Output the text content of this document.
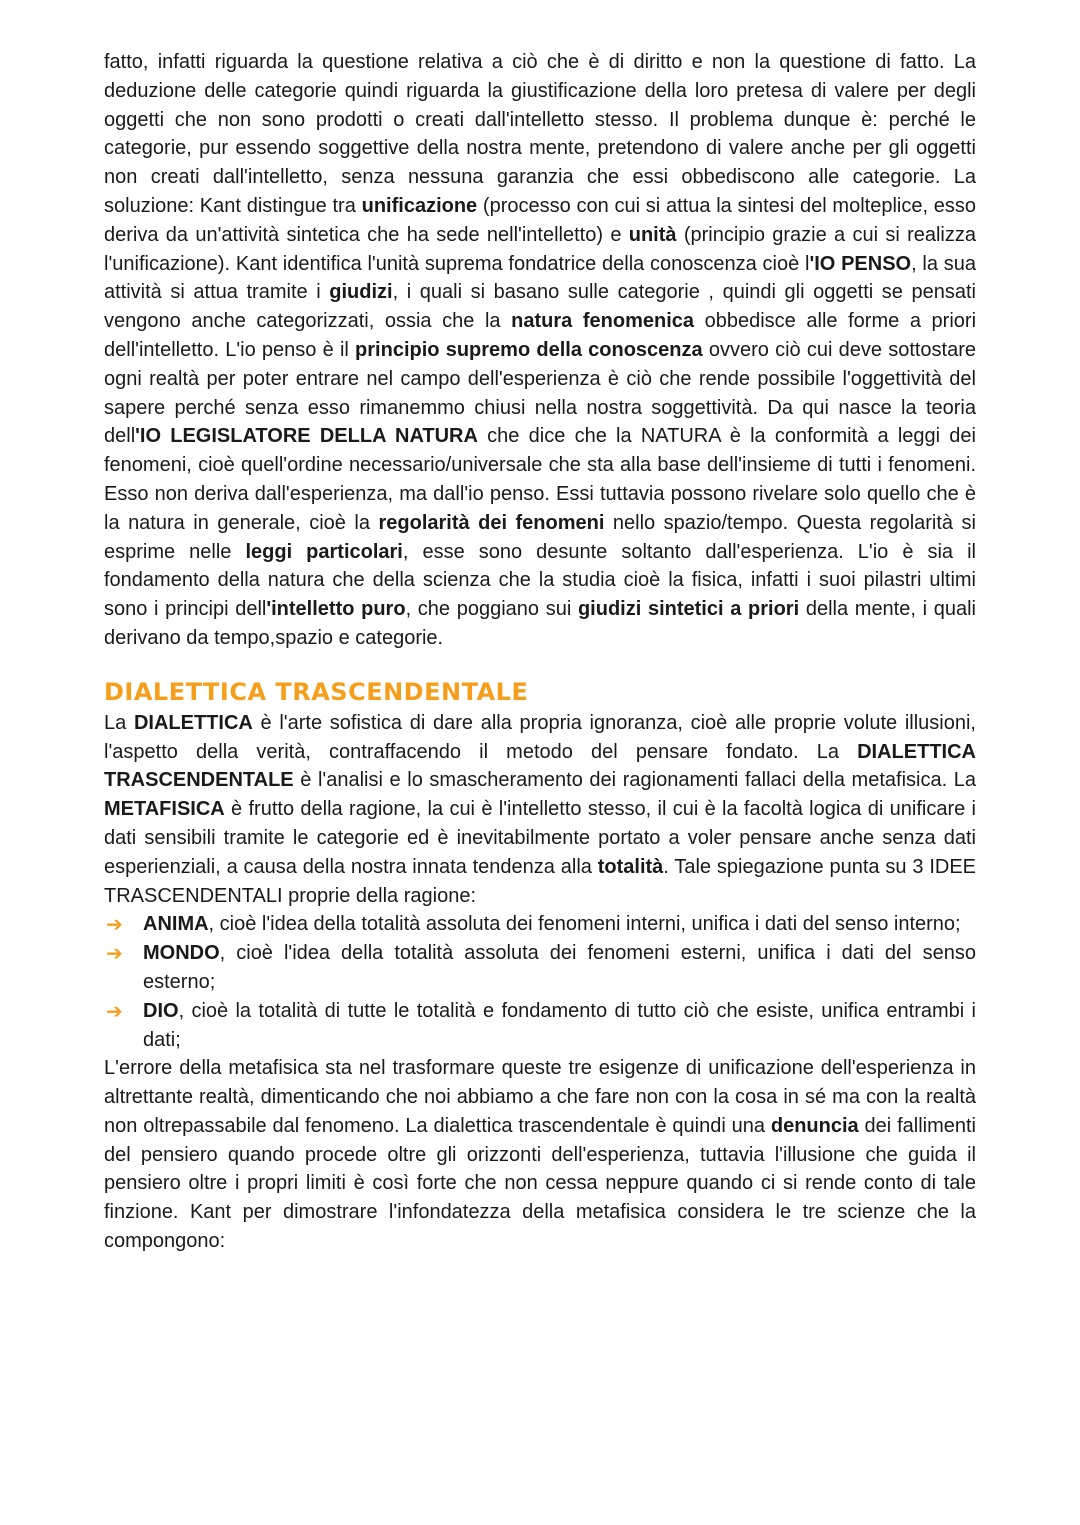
fatto, infatti riguarda la questione relativa a ciò che è di diritto e non la questione di fatto. La deduzione delle categorie quindi riguarda la giustificazione della loro pretesa di valere per degli oggetti che non sono prodotti o creati dall'intelletto stesso. Il problema dunque è: perché le categorie, pur essendo soggettive della nostra mente, pretendono di valere anche per gli oggetti non creati dall'intelletto, senza nessuna garanzia che essi obbediscono alle categorie. La soluzione: Kant distingue tra unificazione (processo con cui si attua la sintesi del molteplice, esso deriva da un'attività sintetica che ha sede nell'intelletto) e unità (principio grazie a cui si realizza l'unificazione). Kant identifica l'unità suprema fondatrice della conoscenza cioè l'IO PENSO, la sua attività si attua tramite i giudizi, i quali si basano sulle categorie , quindi gli oggetti se pensati vengono anche categorizzati, ossia che la natura fenomenica obbedisce alle forme a priori dell'intelletto. L'io penso è il principio supremo della conoscenza ovvero ciò cui deve sottostare ogni realtà per poter entrare nel campo dell'esperienza è ciò che rende possibile l'oggettività del sapere perché senza esso rimanemmo chiusi nella nostra soggettività. Da qui nasce la teoria dell'IO LEGISLATORE DELLA NATURA che dice che la NATURA è la conformità a leggi dei fenomeni, cioè quell'ordine necessario/universale che sta alla base dell'insieme di tutti i fenomeni. Esso non deriva dall'esperienza, ma dall'io penso. Essi tuttavia possono rivelare solo quello che è la natura in generale, cioè la regolarità dei fenomeni nello spazio/tempo. Questa regolarità si esprime nelle leggi particolari, esse sono desunte soltanto dall'esperienza. L'io è sia il fondamento della natura che della scienza che la studia cioè la fisica, infatti i suoi pilastri ultimi sono i principi dell'intelletto puro, che poggiano sui giudizi sintetici a priori della mente, i quali derivano da tempo,spazio e categorie.

DIALETTICA TRASCENDENTALE

La DIALETTICA è l'arte sofistica di dare alla propria ignoranza, cioè alle proprie volute illusioni, l'aspetto della verità, contraffacendo il metodo del pensare fondato. La DIALETTICA TRASCENDENTALE è l'analisi e lo smascheramento dei ragionamenti fallaci della metafisica. La METAFISICA è frutto della ragione, la cui è l'intelletto stesso, il cui è la facoltà logica di unificare i dati sensibili tramite le categorie ed è inevitabilmente portato a voler pensare anche senza dati esperienziali, a causa della nostra innata tendenza alla totalità. Tale spiegazione punta su 3 IDEE TRASCENDENTALI proprie della ragione:

➔	ANIMA, cioè l'idea della totalità assoluta dei fenomeni interni, unifica i dati del senso interno;
➔	MONDO, cioè l'idea della totalità assoluta dei fenomeni esterni, unifica i dati del senso esterno;
➔	DIO, cioè la totalità di tutte le totalità e fondamento di tutto ciò che esiste, unifica entrambi i dati;

L'errore della metafisica sta nel trasformare queste tre esigenze di unificazione dell'esperienza in altrettante realtà, dimenticando che noi abbiamo a che fare non con la cosa in sé ma con la realtà non oltrepassabile dal fenomeno. La dialettica trascendentale è quindi una denuncia dei fallimenti del pensiero quando procede oltre gli orizzonti dell'esperienza, tuttavia l'illusione che guida il pensiero oltre i propri limiti è così forte che non cessa neppure quando ci si rende conto di tale finzione. Kant per dimostrare l'infondatezza della metafisica considera le tre scienze che la compongono:
